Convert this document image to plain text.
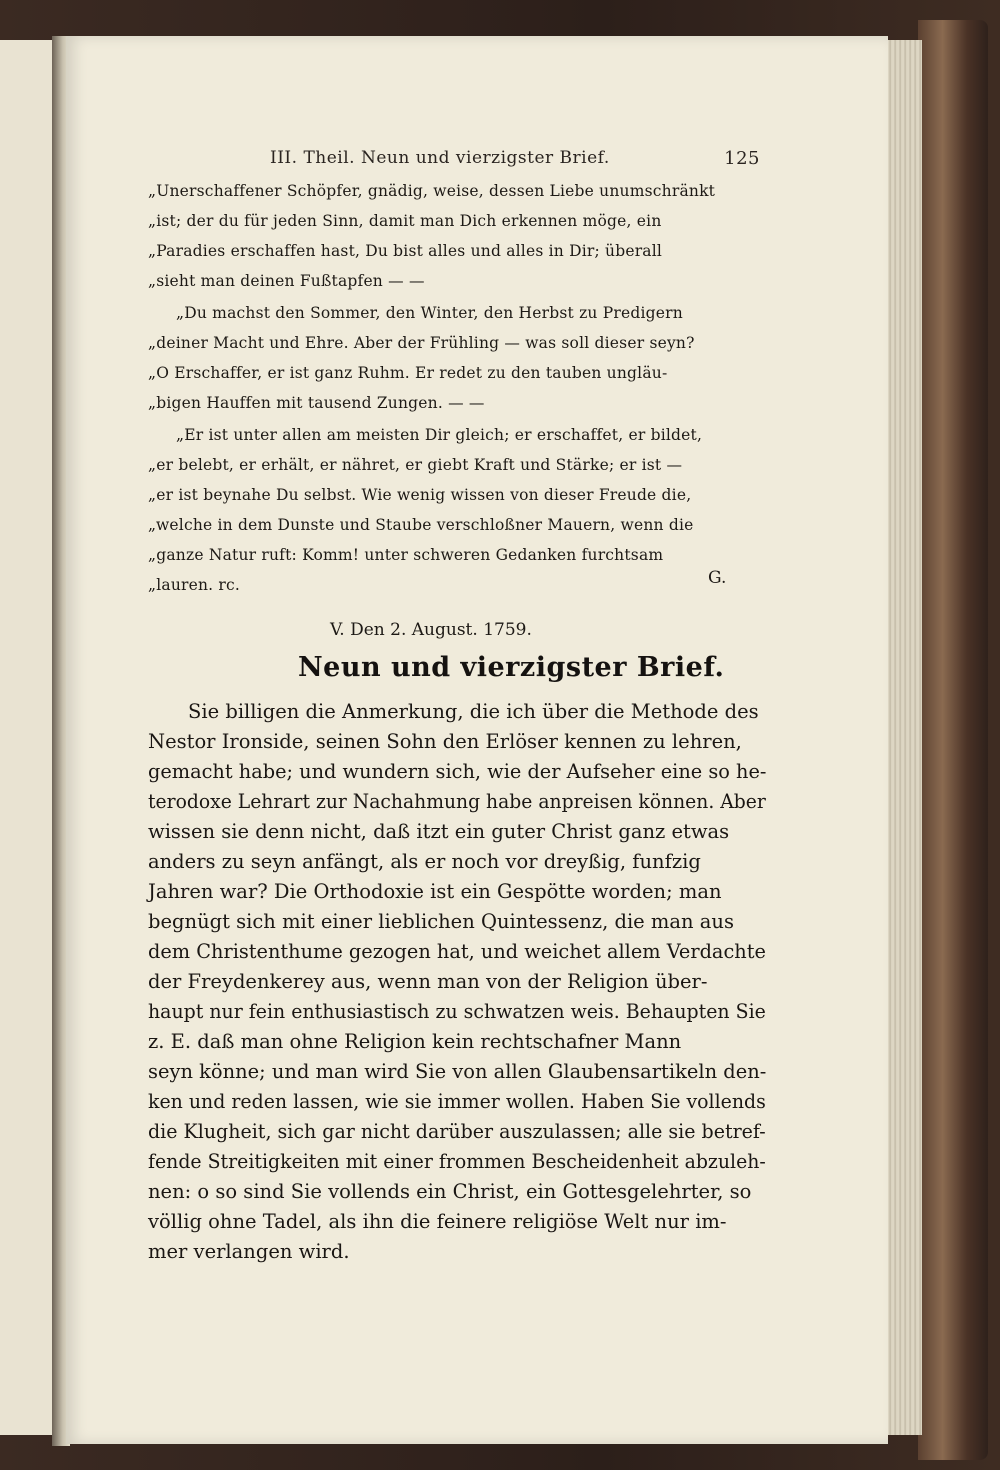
III. Theil. Neun und vierzigster Brief.	125
„Unerschaffener Schöpfer, gnädig, weise, dessen Liebe unumschränkt
„ist; der du für jeden Sinn, damit man Dich erkennen möge, ein
„Paradies erschaffen hast, Du bist alles und alles in Dir; überall
„sieht man deinen Fußtapfen — —
„Du machst den Sommer, den Winter, den Herbst zu Predigern
„deiner Macht und Ehre. Aber der Frühling — was soll dieser seyn?
„O Erschaffer, er ist ganz Ruhm. Er redet zu den tauben ungläu-
„bigen Hauffen mit tausend Zungen. — —
„Er ist unter allen am meisten Dir gleich; er erschaffet, er bildet,
„er belebt, er erhält, er nähret, er giebt Kraft und Stärke; er ist —
„er ist beynahe Du selbst. Wie wenig wissen von dieser Freude die,
„welche in dem Dunste und Staube verschloßner Mauern, wenn die
„ganze Natur ruft: Komm! unter schweren Gedanken furchtsam
„lauren. rc.	G.
V. Den 2. August. 1759.
Neun und vierzigster Brief.
Sie billigen die Anmerkung, die ich über die Methode des
Nestor Ironside, seinen Sohn den Erlöser kennen zu lehren,
gemacht habe; und wundern sich, wie der Aufseher eine so he-
terodoxe Lehrart zur Nachahmung habe anpreisen können. Aber
wissen sie denn nicht, daß itzt ein guter Christ ganz etwas
anders zu seyn anfängt, als er noch vor dreyßig, funfzig
Jahren war? Die Orthodoxie ist ein Gespötte worden; man
begnügt sich mit einer lieblichen Quintessenz, die man aus
dem Christenthume gezogen hat, und weichet allem Verdachte
der Freydenkerey aus, wenn man von der Religion über-
haupt nur fein enthusiastisch zu schwatzen weis. Behaupten Sie
z. E. daß man ohne Religion kein rechtschafner Mann
seyn könne; und man wird Sie von allen Glaubensartikeln den-
ken und reden lassen, wie sie immer wollen. Haben Sie vollends
die Klugheit, sich gar nicht darüber auszulassen; alle sie betref-
fende Streitigkeiten mit einer frommen Bescheidenheit abzuleh-
nen: o so sind Sie vollends ein Christ, ein Gottesgelehrter, so
völlig ohne Tadel, als ihn die feinere religiöse Welt nur im-
mer verlangen wird.
